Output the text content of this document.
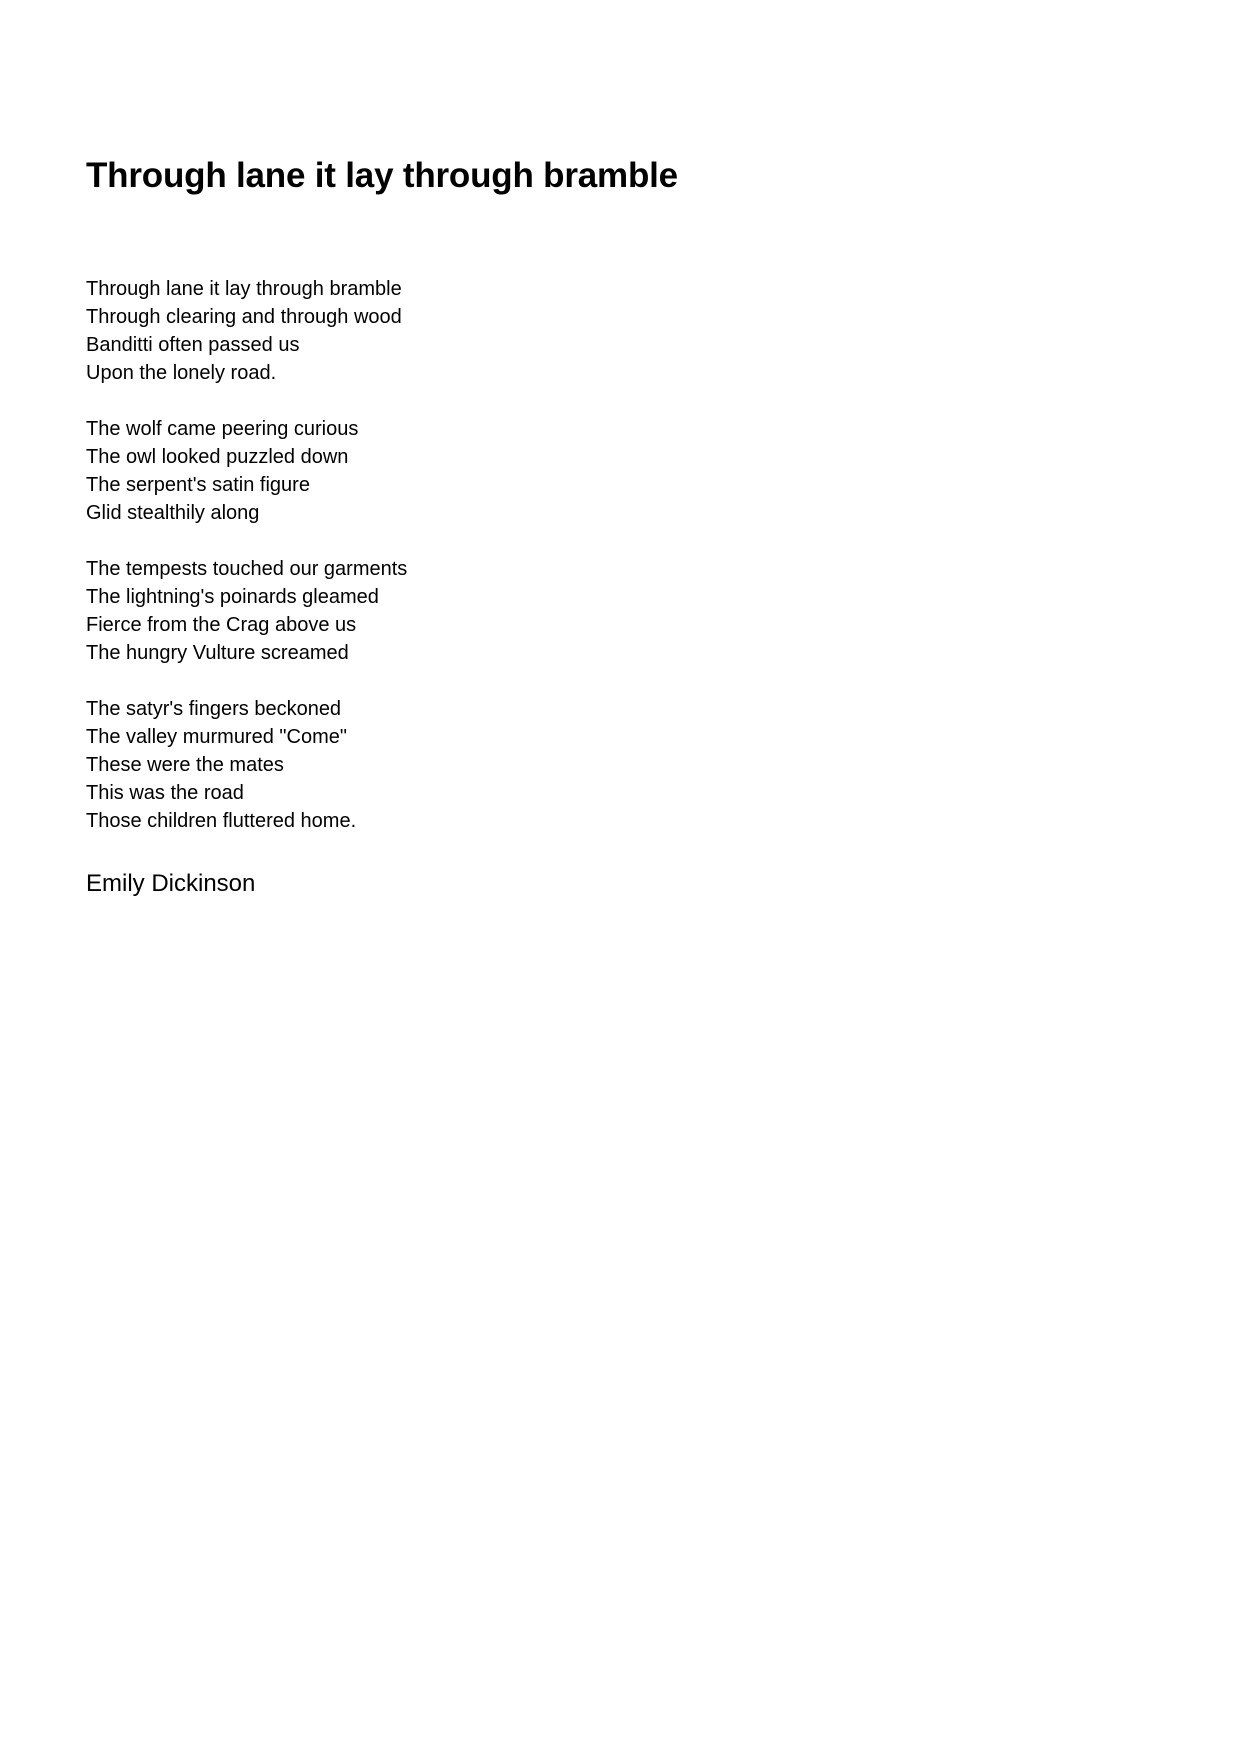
Through lane it lay through bramble
Through lane it lay through bramble
Through clearing and through wood
Banditti often passed us
Upon the lonely road.
The wolf came peering curious
The owl looked puzzled down
The serpent's satin figure
Glid stealthily along
The tempests touched our garments
The lightning's poinards gleamed
Fierce from the Crag above us
The hungry Vulture screamed
The satyr's fingers beckoned
The valley murmured "Come"
These were the mates
This was the road
Those children fluttered home.
Emily Dickinson
